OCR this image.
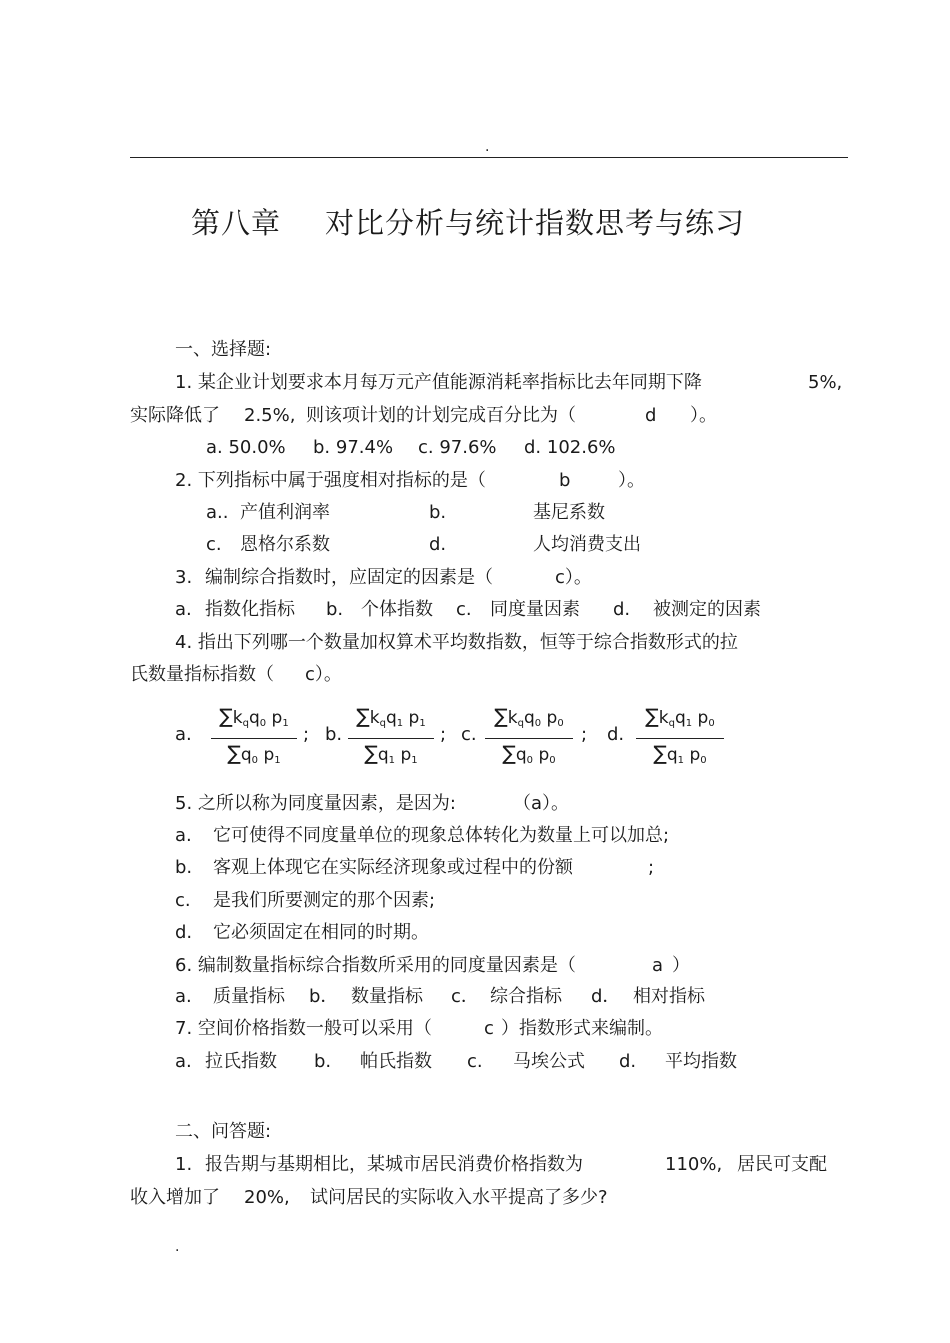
.
第八章 对比分析与统计指数思考与练习
一、选择题:
1. 某企业计划要求本月每万元产值能源消耗率指标比去年同期下降	5%,
实际降低了 2.5%, 则该项计划的计划完成百分比为（	d ）。
a. 50.0% b. 97.4% c. 97.6% d. 102.6%
2. 下列指标中属于强度相对指标的是（	b	）。
a.. 产值利润率	b.	基尼系数
c. 恩格尔系数	d.	人均消费支出
3. 编制综合指数时，应固定的因素是（	c）。
a. 指数化指标 b. 个体指数 c. 同度量因素 d. 被测定的因素
4. 指出下列哪一个数量加权算术平均数指数，恒等于综合指数形式的拉
氏数量指标指数（ c）。
a.
$\sum k_qq_0$ $p_1$
$\sum q_0$ $p_1$
; b.
$\sum k_qq_1$ $p_1$
$\sum q_1$ $p_1$
; c.
$\sum k_qq_0$ $p_0$
$\sum q_0$ $p_0$
; d.
$\sum k_qq_1$ $p_0$
$\sum q_1$ $p_0$
5. 之所以称为同度量因素，是因为:	（a）。
a. 它可使得不同度量单位的现象总体转化为数量上可以加总;
b. 客观上体现它在实际经济现象或过程中的份额	;
c. 是我们所要测定的那个因素;
d. 它必须固定在相同的时期。
6. 编制数量指标综合指数所采用的同度量因素是（	a ）
a. 质量指标 b． 数量指标 c． 综合指标 d． 相对指标
7. 空间价格指数一般可以采用（	c ）指数形式来编制。
a. 拉氏指数 b. 帕氏指数 c. 马埃公式 d. 平均指数
二、问答题:
1. 报告期与基期相比，某城市居民消费价格指数为	110%, 居民可支配
收入增加了 20%, 试问居民的实际收入水平提高了多少?
.
